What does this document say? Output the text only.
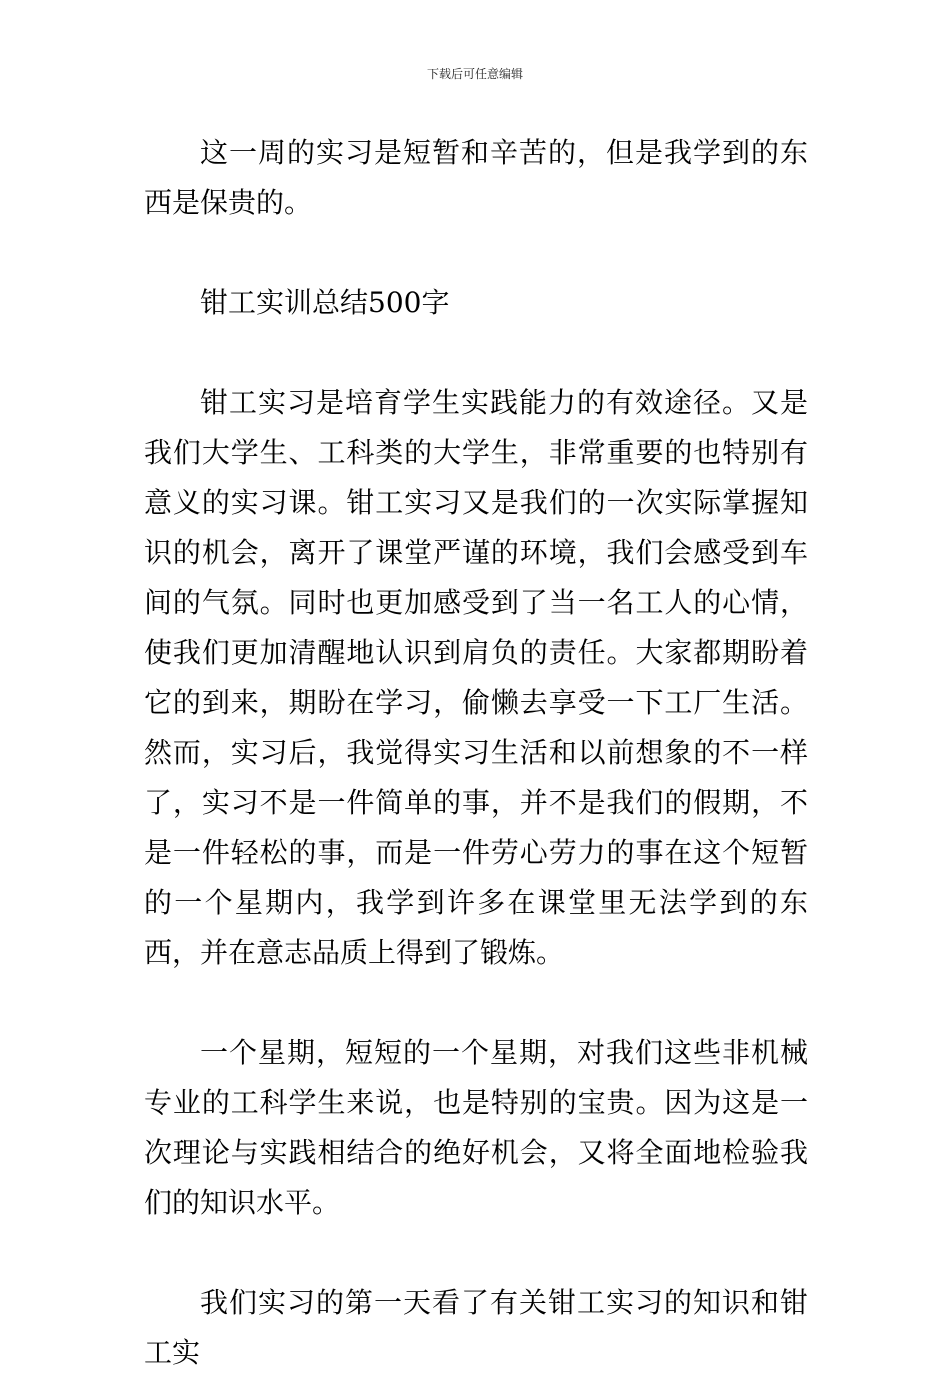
下载后可任意编辑

这一周的实习是短暂和辛苦的，但是我学到的东西是保贵的。

钳工实训总结500字

钳工实习是培育学生实践能力的有效途径。又是我们大学生、工科类的大学生，非常重要的也特别有意义的实习课。钳工实习又是我们的一次实际掌握知识的机会，离开了课堂严谨的环境，我们会感受到车间的气氛。同时也更加感受到了当一名工人的心情，使我们更加清醒地认识到肩负的责任。大家都期盼着它的到来，期盼在学习，偷懒去享受一下工厂生活。然而，实习后，我觉得实习生活和以前想象的不一样了，实习不是一件简单的事，并不是我们的假期，不是一件轻松的事，而是一件劳心劳力的事在这个短暂的一个星期内，我学到许多在课堂里无法学到的东西，并在意志品质上得到了锻炼。

一个星期，短短的一个星期，对我们这些非机械专业的工科学生来说，也是特别的宝贵。因为这是一次理论与实践相结合的绝好机会，又将全面地检验我们的知识水平。

我们实习的第一天看了有关钳工实习的知识和钳工实
